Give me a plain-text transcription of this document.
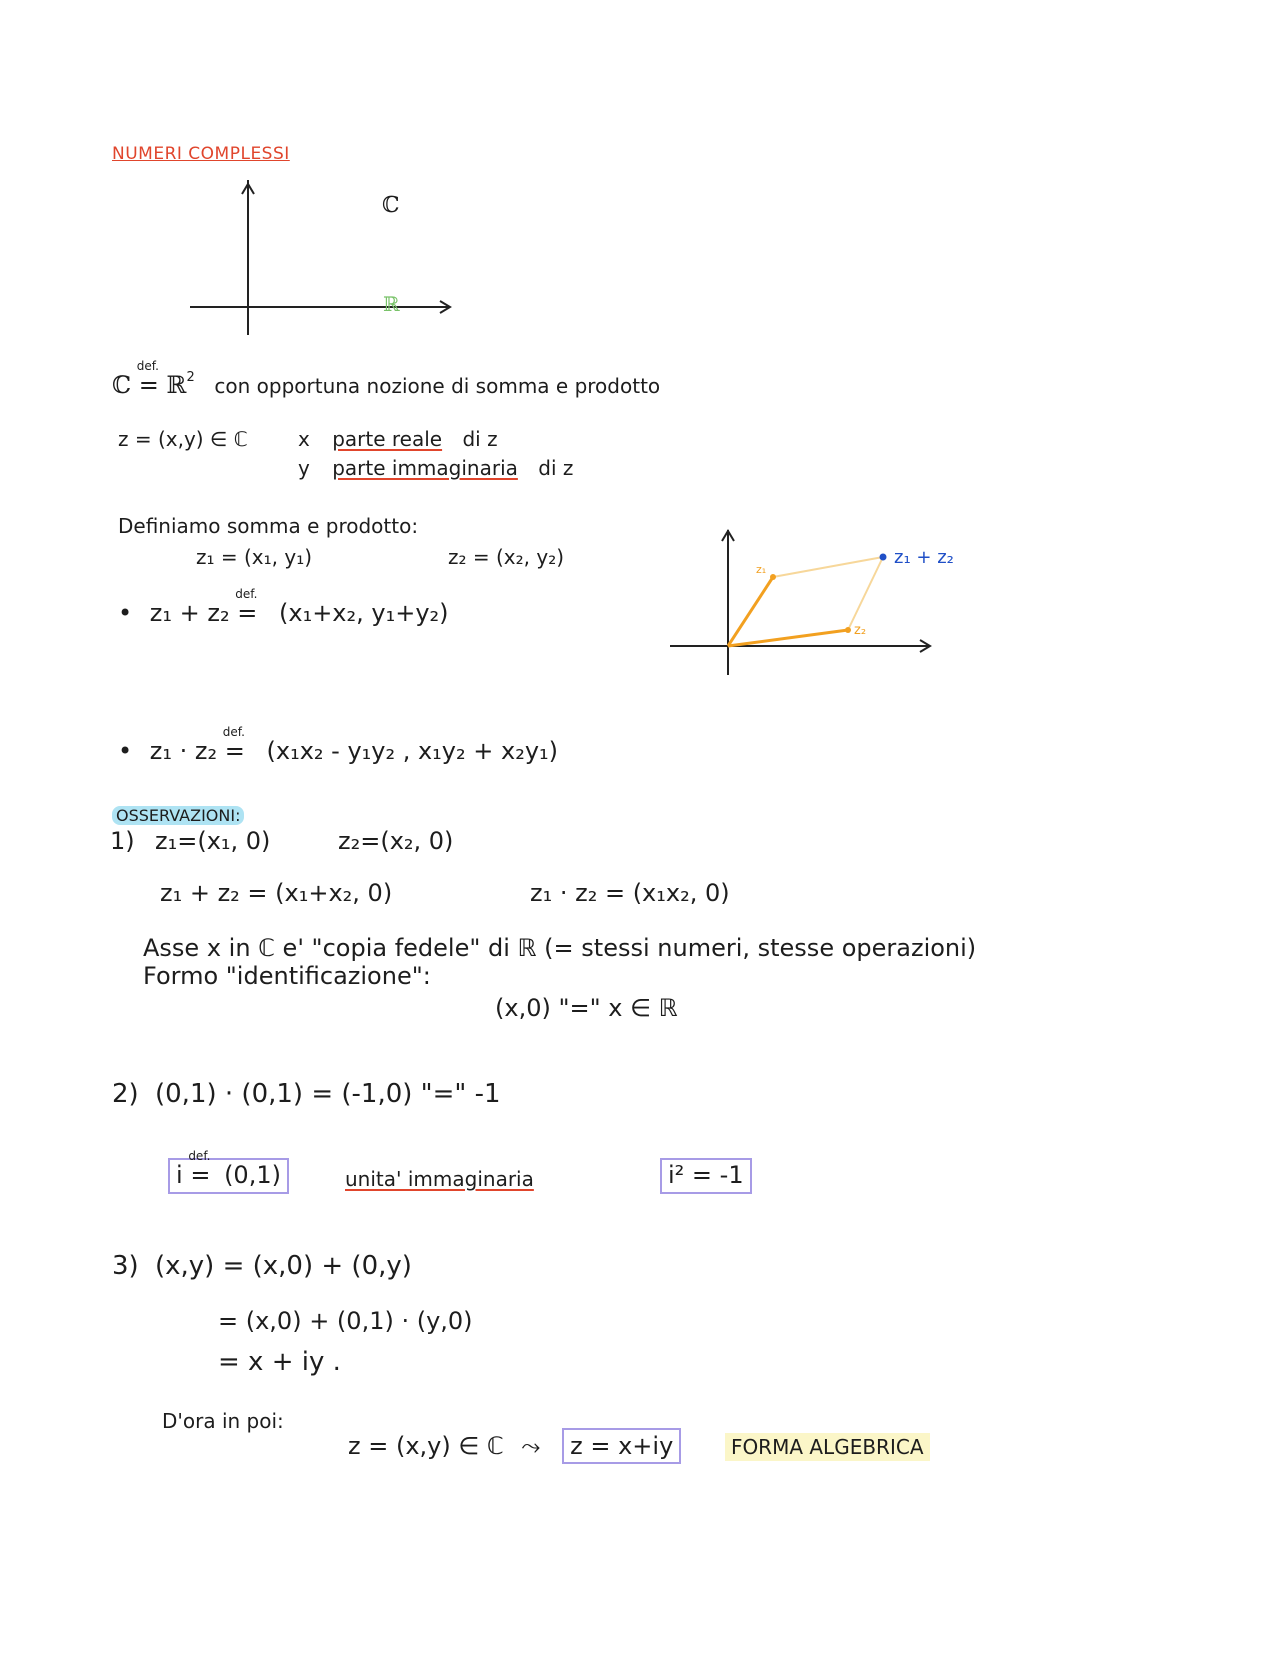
NUMERI COMPLESSI
ℂ
ℝ
ℂ =
def.
ℝ$^2$ con opportuna nozione di somma e prodotto
z = (x,y) ∈ ℂ	x parte reale di z
y parte immaginaria di z
Definiamo somma e prodotto:
z₁ = (x₁, y₁)	z₂ = (x₂, y₂)
• z₁ + z₂ =
def.
(x₁+x₂, y₁+y₂)
z₁
z₂
z₁ + z₂
• z₁ · z₂ =
def.
(x₁x₂ - y₁y₂ , x₁y₂ + x₂y₁)
OSSERVAZIONI:
1) z₁=(x₁, 0)	z₂=(x₂, 0)
z₁ + z₂ = (x₁+x₂, 0)	z₁ · z₂ = (x₁x₂, 0)
Asse x in ℂ e' "copia fedele" di ℝ (= stessi numeri, stesse operazioni)
Formo "identificazione":
(x,0) "=" x ∈ ℝ
2) (0,1) · (0,1) = (-1,0) "=" -1
i =
def.
(0,1)	unita' immaginaria	i² = -1
3) (x,y) = (x,0) + (0,y)
= (x,0) + (0,1) · (y,0)
= x + iy .
D'ora in poi:
z = (x,y) ∈ ℂ ⤳ z = x+iy	FORMA ALGEBRICA
